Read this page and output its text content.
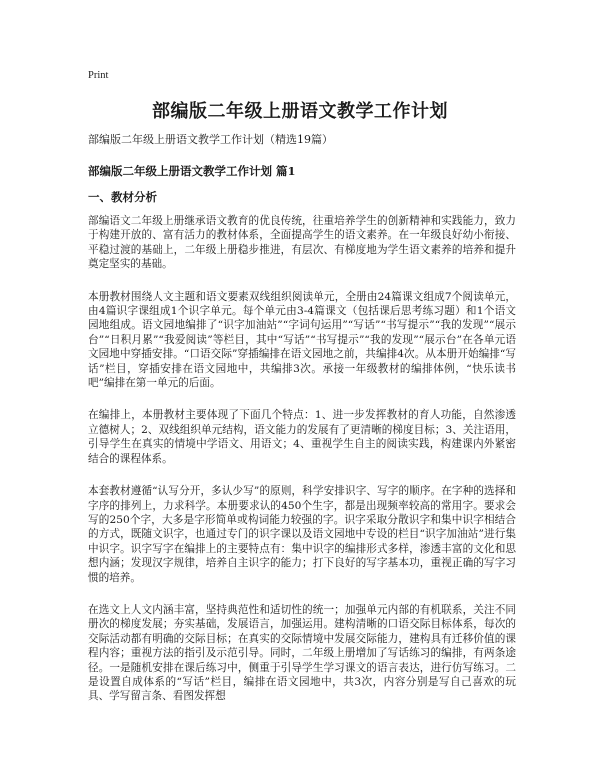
Print
部编版二年级上册语文教学工作计划
部编版二年级上册语文教学工作计划（精选19篇）
部编版二年级上册语文教学工作计划 篇1
一、教材分析

部编语文二年级上册继承语文教育的优良传统，往重培养学生的创新精神和实践能力，致力于构建开放的、富有活力的教材体系，全面提高学生的语文素养。在一年级良好幼小衔接、平稳过渡的基础上，二年级上册稳步推进，有层次、有梯度地为学生语文素养的培养和提升奠定坚实的基础。

本册教材围绕人文主题和语文要素双线组织阅读单元，全册由24篇课文组成7个阅读单元，由4篇识字课组成1个识字单元。每个单元由3-4篇课文（包括课后思考练习题）和1个语文园地组成。语文园地编排了“识字加油站”“字词句运用”“写话”“书写提示”“我的发现”“展示台”“日积月累”“我爱阅读”等栏目，其中“写话”“书写提示”“我的发现”“展示台”在各单元语文园地中穿插安排。“口语交际”穿插编排在语文园地之前，共编排4次。从本册开始编排“写话”栏目，穿插安排在语文园地中，共编排3次。承接一年级教材的编排体例，“快乐读书吧”编排在第一单元的后面。

在编排上，本册教材主要体现了下面几个特点：1、进一步发挥教材的育人功能，自然渗透立德树人；2、双线组织单元结构，语文能力的发展有了更清晰的梯度目标；3、关注语用，引导学生在真实的情境中学语文、用语文；4、重视学生自主的阅读实践，构建课内外紧密结合的课程体系。

本套教材遵循“认写分开，多认少写”的原则，科学安排识字、写字的顺序。在字种的选择和字序的排列上，力求科学。本册要求认的450个生字，都是出现频率较高的常用字。要求会写的250个字，大多是字形简单或构词能力较强的字。识字采取分散识字和集中识字相结合的方式，既随文识字，也通过专门的识字课以及语文园地中专设的栏目“识字加油站”进行集中识字。识字写字在编排上的主要特点有：集中识字的编排形式多样，渗透丰富的文化和思想内涵；发现汉字规律，培养自主识字的能力；打下良好的写字基本功，重视正确的写字习惯的培养。

在选文上人文内涵丰富，坚持典范性和适切性的统一；加强单元内部的有机联系，关注不同册次的梯度发展；夯实基础，发展语言，加强运用。建构清晰的口语交际目标体系，每次的交际活动都有明确的交际目标；在真实的交际情境中发展交际能力，建构具有迁移价值的课程内容；重视方法的指引及示范引导。同时，二年级上册增加了写话练习的编排，有两条途径。一是随机安排在课后练习中，侧重于引导学生学习课文的语言表达，进行仿写练习。二是设置自成体系的“写话”栏目，编排在语文园地中，共3次，内容分别是写自己喜欢的玩具、学写留言条、看图发挥想
